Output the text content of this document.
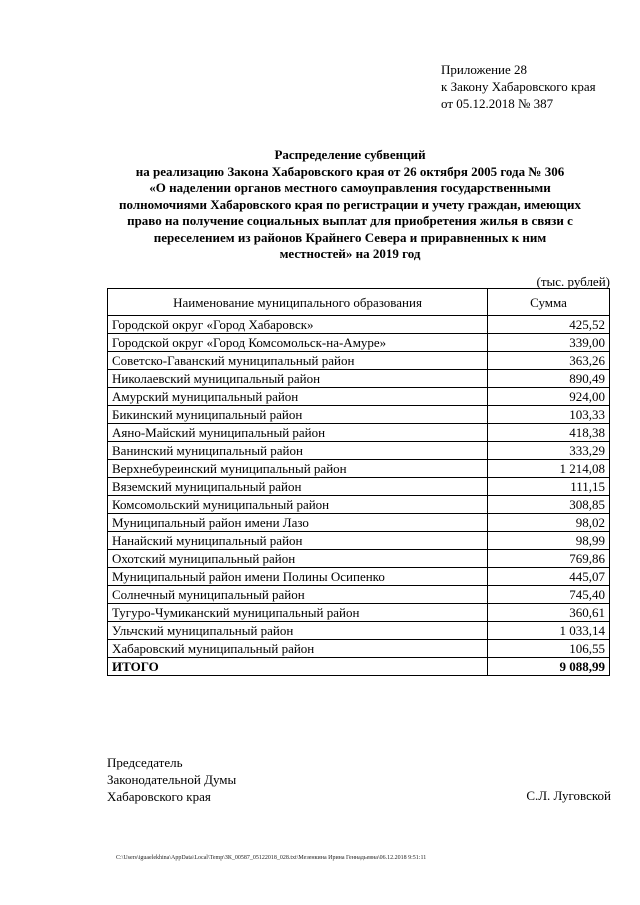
Приложение 28
к Закону Хабаровского края
от 05.12.2018 № 387
Распределение субвенций
на реализацию Закона Хабаровского края от 26 октября 2005 года № 306
«О наделении органов местного самоуправления государственными
полномочиями Хабаровского края по регистрации и учету граждан, имеющих
право на получение социальных выплат для приобретения жилья в связи с
переселением из районов Крайнего Севера и приравненных к ним
местностей» на 2019 год
(тыс. рублей)
Наименование муниципального образования	Сумма
Городской округ «Город Хабаровск»	425,52
Городской округ «Город Комсомольск-на-Амуре»	339,00
Советско-Гаванский муниципальный район	363,26
Николаевский муниципальный район	890,49
Амурский муниципальный район	924,00
Бикинский муниципальный район	103,33
Аяно-Майский муниципальный район	418,38
Ванинский муниципальный район	333,29
Верхнебуреинский муниципальный район	1 214,08
Вяземский муниципальный район	111,15
Комсомольский муниципальный район	308,85
Муниципальный район имени Лазо	98,02
Нанайский муниципальный район	98,99
Охотский муниципальный район	769,86
Муниципальный район имени Полины Осипенко	445,07
Солнечный муниципальный район	745,40
Тугуро-Чумиканский муниципальный район	360,61
Ульчский муниципальный район	1 033,14
Хабаровский муниципальный район	106,55
ИТОГО	9 088,99
Председатель
Законодательной Думы
Хабаровского края	С.Л. Луговской
C:\Users\iguaelekhina\AppData\Local\Temp\ЗК_00587_05122018_028.txt\Мезенкина Ирина Геннадьевна\06.12.2018 9:51:11
